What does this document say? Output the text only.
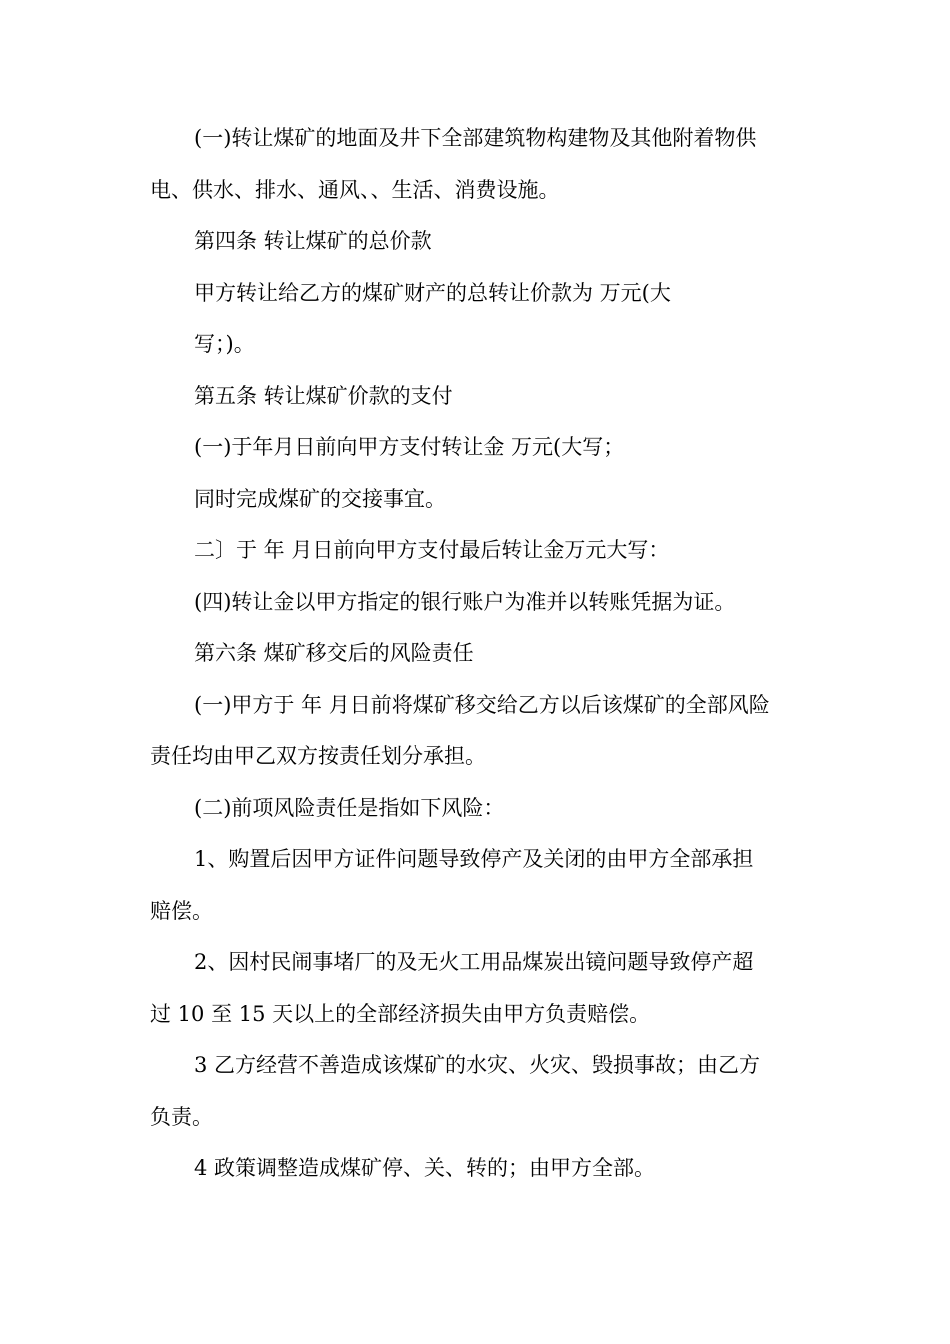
(一)转让煤矿的地面及井下全部建筑物构建物及其他附着物供

电、供水、排水、通风、、生活、消费设施。

第四条 转让煤矿的总价款

甲方转让给乙方的煤矿财产的总转让价款为 万元(大

写；)。

第五条 转让煤矿价款的支付

(一)于年月日前向甲方支付转让金 万元(大写；

同时完成煤矿的交接事宜。

二〕于 年 月日前向甲方支付最后转让金万元大写：

(四)转让金以甲方指定的银行账户为准并以转账凭据为证。

第六条 煤矿移交后的风险责任

(一)甲方于 年 月日前将煤矿移交给乙方以后该煤矿的全部风险

责任均由甲乙双方按责任划分承担。

(二)前项风险责任是指如下风险：

1、购置后因甲方证件问题导致停产及关闭的由甲方全部承担

赔偿。

2、因村民闹事堵厂的及无火工用品煤炭出镜问题导致停产超

过 10 至 15 天以上的全部经济损失由甲方负责赔偿。

3 乙方经营不善造成该煤矿的水灾、火灾、毁损事故；由乙方

负责。

4 政策调整造成煤矿停、关、转的；由甲方全部。
